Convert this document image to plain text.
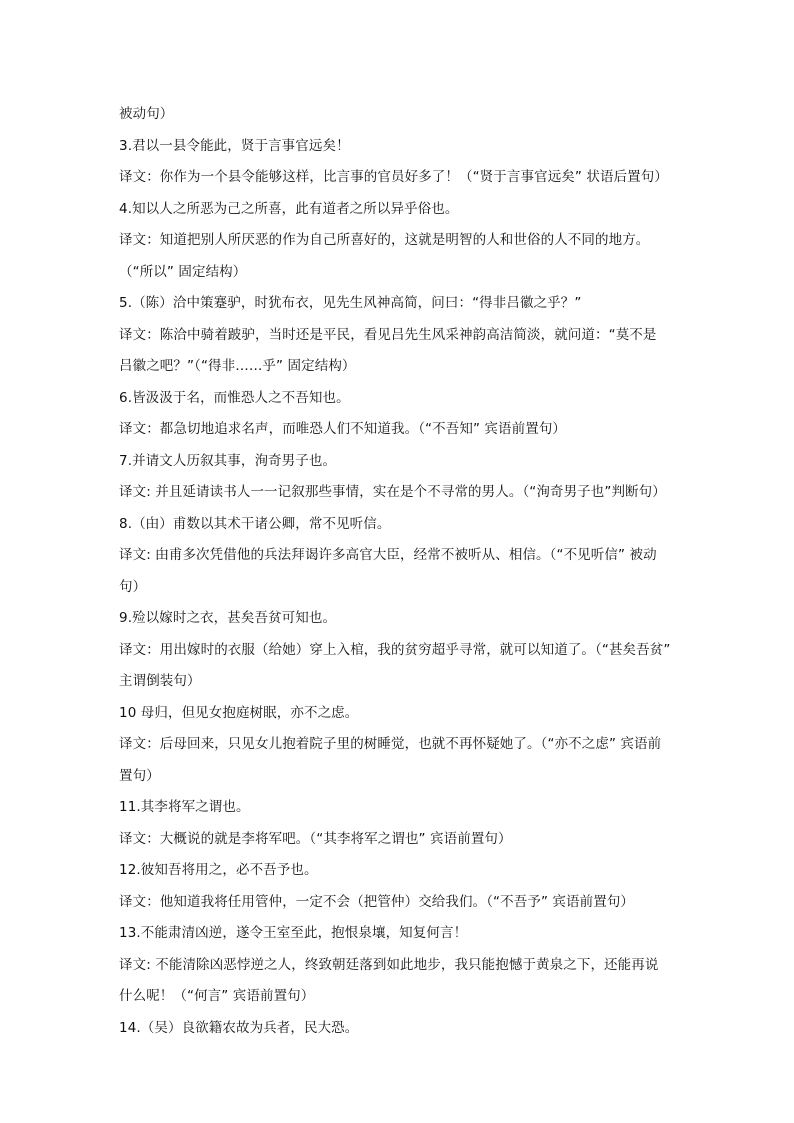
被动句）
3.君以一县令能此，贤于言事官远矣！
译文：你作为一个县令能够这样，比言事的官员好多了！（“贤于言事官远矣” 状语后置句）
4.知以人之所恶为己之所喜，此有道者之所以异乎俗也。
译文：知道把别人所厌恶的作为自己所喜好的，这就是明智的人和世俗的人不同的地方。
（“所以” 固定结构）
5.（陈）洽中策蹇驴，时犹布衣，见先生风神高简，问曰：“得非吕徽之乎？”
译文：陈洽中骑着跛驴，当时还是平民，看见吕先生风采神韵高洁简淡，就问道：“莫不是
吕徽之吧？”（“得非……乎” 固定结构）
6.皆汲汲于名，而惟恐人之不吾知也。
译文：都急切地追求名声，而唯恐人们不知道我。（“不吾知” 宾语前置句）
7.并请文人历叙其事，洵奇男子也。
译文: 并且延请读书人一一记叙那些事情，实在是个不寻常的男人。（“洵奇男子也”判断句）
8.（甶）甫数以其术干诸公卿，常不见听信。
译文: 甶甫多次凭借他的兵法拜谒许多高官大臣，经常不被听从、相信。（“不见听信” 被动
句）
9.殓以嫁时之衣，甚矣吾贫可知也。
译文：用出嫁时的衣服（给她）穿上入棺，我的贫穷超乎寻常，就可以知道了。（“甚矣吾贫”
主谓倒装句）
10 母归，但见女抱庭树眠，亦不之虑。
译文：后母回来，只见女儿抱着院子里的树睡觉，也就不再怀疑她了。（“亦不之虑” 宾语前
置句）
11.其李将军之谓也。
译文：大概说的就是李将军吧。（“其李将军之谓也” 宾语前置句）
12.彼知吾将用之，必不吾予也。
译文：他知道我将任用管仲，一定不会（把管仲）交给我们。（“不吾予” 宾语前置句）
13.不能肃清凶逆，遂令王室至此，抱恨泉壤，知复何言！
译文: 不能清除凶恶悖逆之人，终致朝廷落到如此地步，我只能抱憾于黄泉之下，还能再说
什么呢！（“何言” 宾语前置句）
14.（吴）良欲籍农故为兵者，民大恐。
